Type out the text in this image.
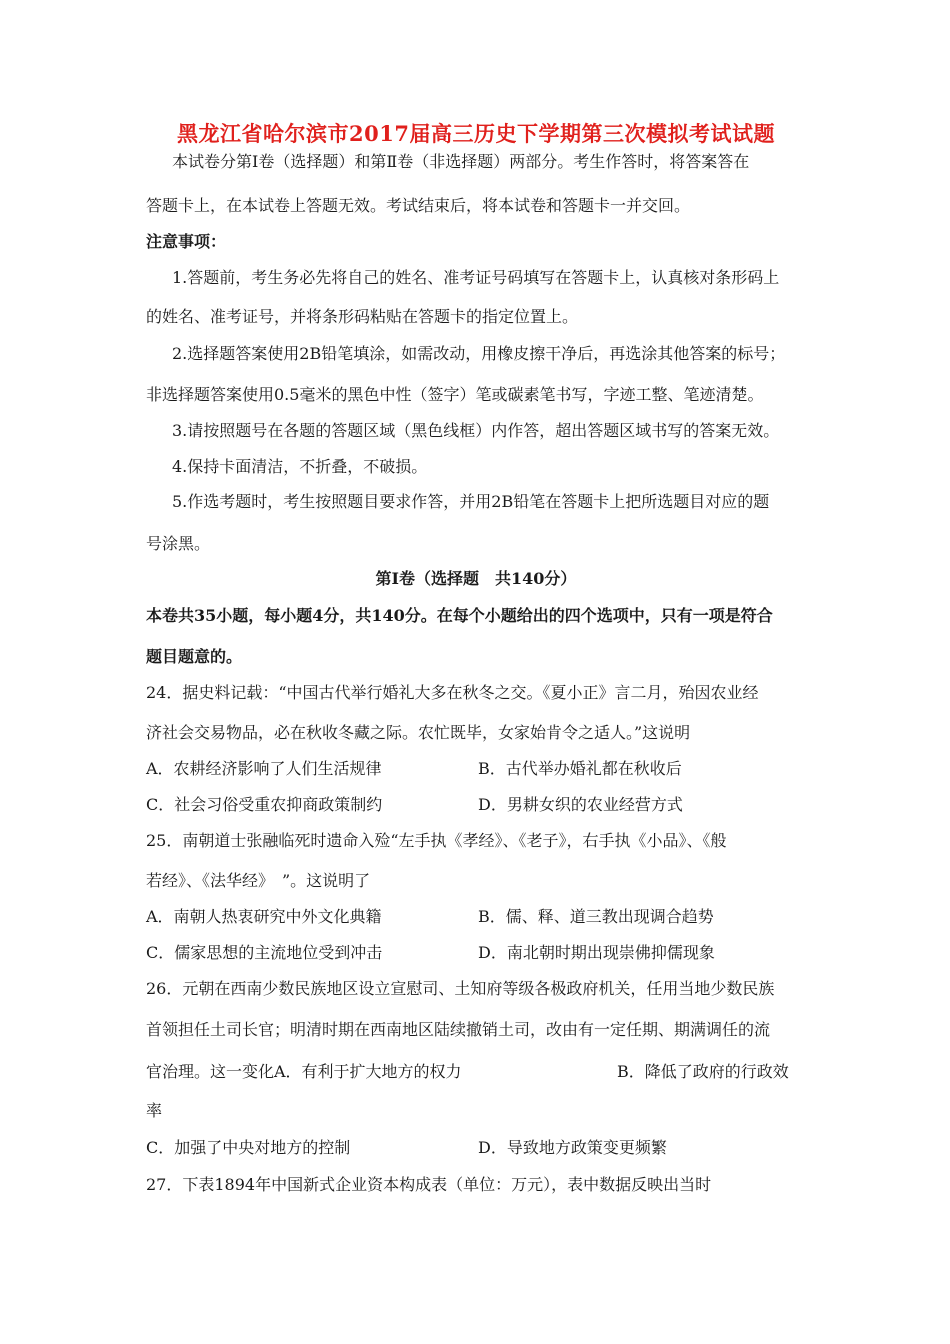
黑龙江省哈尔滨市2017届高三历史下学期第三次模拟考试试题
本试卷分第Ⅰ卷（选择题）和第Ⅱ卷（非选择题）两部分。考生作答时，将答案答在
答题卡上，在本试卷上答题无效。考试结束后，将本试卷和答题卡一并交回。
注意事项：
1.答题前，考生务必先将自己的姓名、准考证号码填写在答题卡上，认真核对条形码上
的姓名、准考证号，并将条形码粘贴在答题卡的指定位置上。
2.选择题答案使用2B铅笔填涂，如需改动，用橡皮擦干净后，再选涂其他答案的标号；
非选择题答案使用0.5毫米的黑色中性（签字）笔或碳素笔书写，字迹工整、笔迹清楚。
3.请按照题号在各题的答题区域（黑色线框）内作答，超出答题区域书写的答案无效。
4.保持卡面清洁，不折叠，不破损。
5.作选考题时，考生按照题目要求作答，并用2B铅笔在答题卡上把所选题目对应的题
号涂黑。
第Ⅰ卷（选择题　共140分）
本卷共35小题，每小题4分，共140分。在每个小题给出的四个选项中，只有一项是符合
题目题意的。
24．据史料记载：“中国古代举行婚礼大多在秋冬之交。《夏小正》言二月，殆因农业经
济社会交易物品，必在秋收冬藏之际。农忙既毕，女家始肯令之适人。”这说明
A．农耕经济影响了人们生活规律	B．古代举办婚礼都在秋收后
C．社会习俗受重农抑商政策制约	D．男耕女织的农业经营方式
25．南朝道士张融临死时遗命入殓“左手执《孝经》、《老子》，右手执《小品》、《般
若经》、《法华经》　”。这说明了
A．南朝人热衷研究中外文化典籍	B．儒、释、道三教出现调合趋势
C．儒家思想的主流地位受到冲击	D．南北朝时期出现崇佛抑儒现象
26．元朝在西南少数民族地区设立宣慰司、土知府等级各极政府机关，任用当地少数民族
首领担任土司长官；明清时期在西南地区陆续撤销土司，改由有一定任期、期满调任的流
官治理。这一变化A．有利于扩大地方的权力	B．降低了政府的行政效
率
C．加强了中央对地方的控制	D．导致地方政策变更频繁
27．下表1894年中国新式企业资本构成表（单位：万元），表中数据反映出当时
